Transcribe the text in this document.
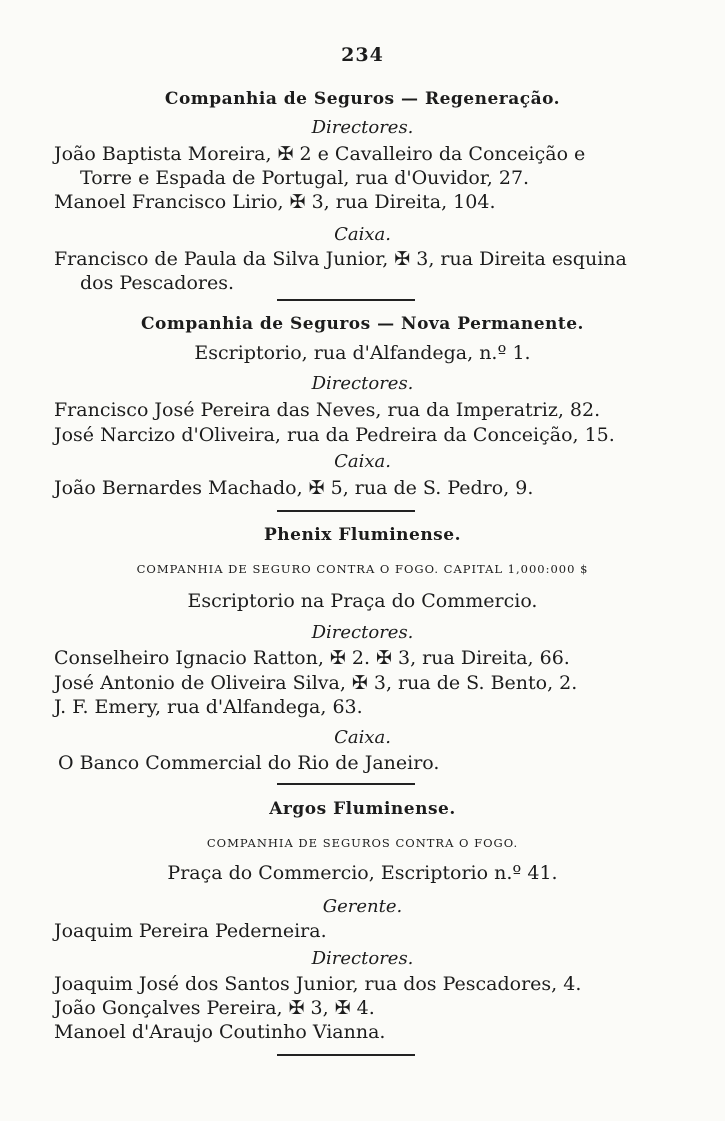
234
Companhia de Seguros — Regeneração.
Directores.
João Baptista Moreira, ✠ 2 e Cavalleiro da Conceição e
Torre e Espada de Portugal, rua d'Ouvidor, 27.
Manoel Francisco Lirio, ✠ 3, rua Direita, 104.
Caixa.
Francisco de Paula da Silva Junior, ✠ 3, rua Direita esquina
dos Pescadores.
Companhia de Seguros — Nova Permanente.
Escriptorio, rua d'Alfandega, n.º 1.
Directores.
Francisco José Pereira das Neves, rua da Imperatriz, 82.
José Narcizo d'Oliveira, rua da Pedreira da Conceição, 15.
Caixa.
João Bernardes Machado, ✠ 5, rua de S. Pedro, 9.
Phenix Fluminense.
COMPANHIA DE SEGURO CONTRA O FOGO. CAPITAL 1,000:000 $
Escriptorio na Praça do Commercio.
Directores.
Conselheiro Ignacio Ratton, ✠ 2. ✠ 3, rua Direita, 66.
José Antonio de Oliveira Silva, ✠ 3, rua de S. Bento, 2.
J. F. Emery, rua d'Alfandega, 63.
Caixa.
O Banco Commercial do Rio de Janeiro.
Argos Fluminense.
COMPANHIA DE SEGUROS CONTRA O FOGO.
Praça do Commercio, Escriptorio n.º 41.
Gerente.
Joaquim Pereira Pederneira.
Directores.
Joaquim José dos Santos Junior, rua dos Pescadores, 4.
João Gonçalves Pereira, ✠ 3, ✠ 4.
Manoel d'Araujo Coutinho Vianna.
